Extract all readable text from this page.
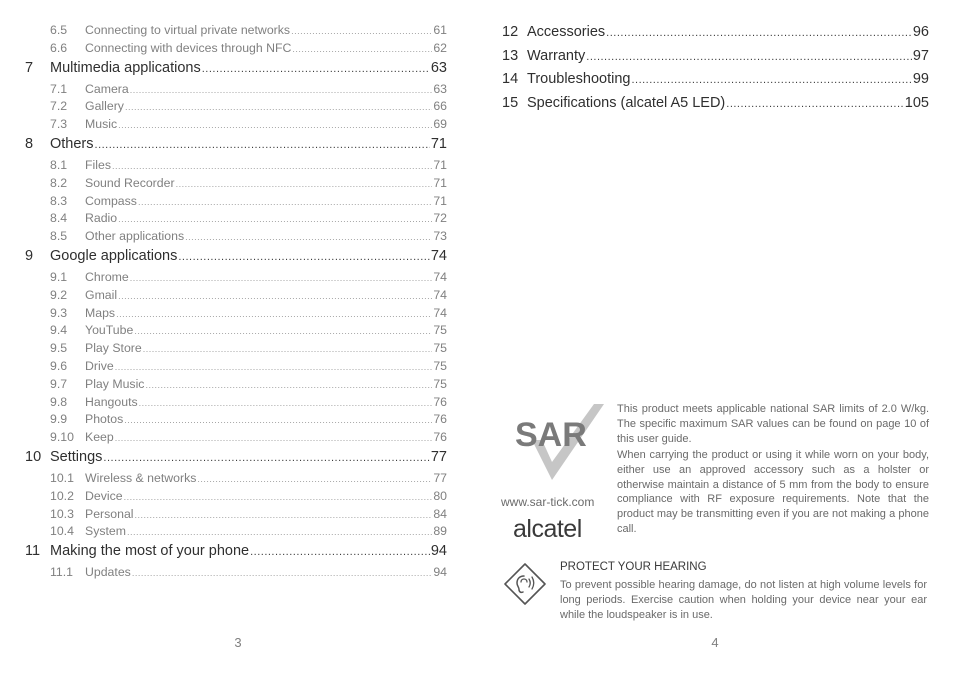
6.5	Connecting to virtual private networks .....	61
6.6	Connecting with devices through NFC .....	62
7	Multimedia applications .....	63
7.1	Camera .....	63
7.2	Gallery .....	66
7.3	Music .....	69
8	Others .....	71
8.1	Files .....	71
8.2	Sound Recorder .....	71
8.3	Compass .....	71
8.4	Radio .....	72
8.5	Other applications .....	73
9	Google applications .....	74
9.1	Chrome .....	74
9.2	Gmail .....	74
9.3	Maps .....	74
9.4	YouTube .....	75
9.5	Play Store .....	75
9.6	Drive .....	75
9.7	Play Music .....	75
9.8	Hangouts .....	76
9.9	Photos .....	76
9.10 Keep .....	76
10 Settings .....	77
10.1 Wireless & networks .....	77
10.2 Device .....	80
10.3 Personal .....	84
10.4 System .....	89
11 Making the most of your phone .....	94
11.1 Updates .....	94
3
12 Accessories .....	96
13 Warranty .....	97
14 Troubleshooting .....	99
15 Specifications (alcatel A5 LED) .....	105
SAR
www.sar-tick.com
alcatel

This product meets applicable national SAR limits of 2.0 W/kg. The specific maximum SAR values can be found on page 10 of this user guide.

When carrying the product or using it while worn on your body, either use an approved accessory such as a holster or otherwise maintain a distance of 5 mm from the body to ensure compliance with RF exposure requirements. Note that the product may be transmitting even if you are not making a phone call.

PROTECT YOUR HEARING

To prevent possible hearing damage, do not listen at high volume levels for long periods. Exercise caution when holding your device near your ear while the loudspeaker is in use.

4
